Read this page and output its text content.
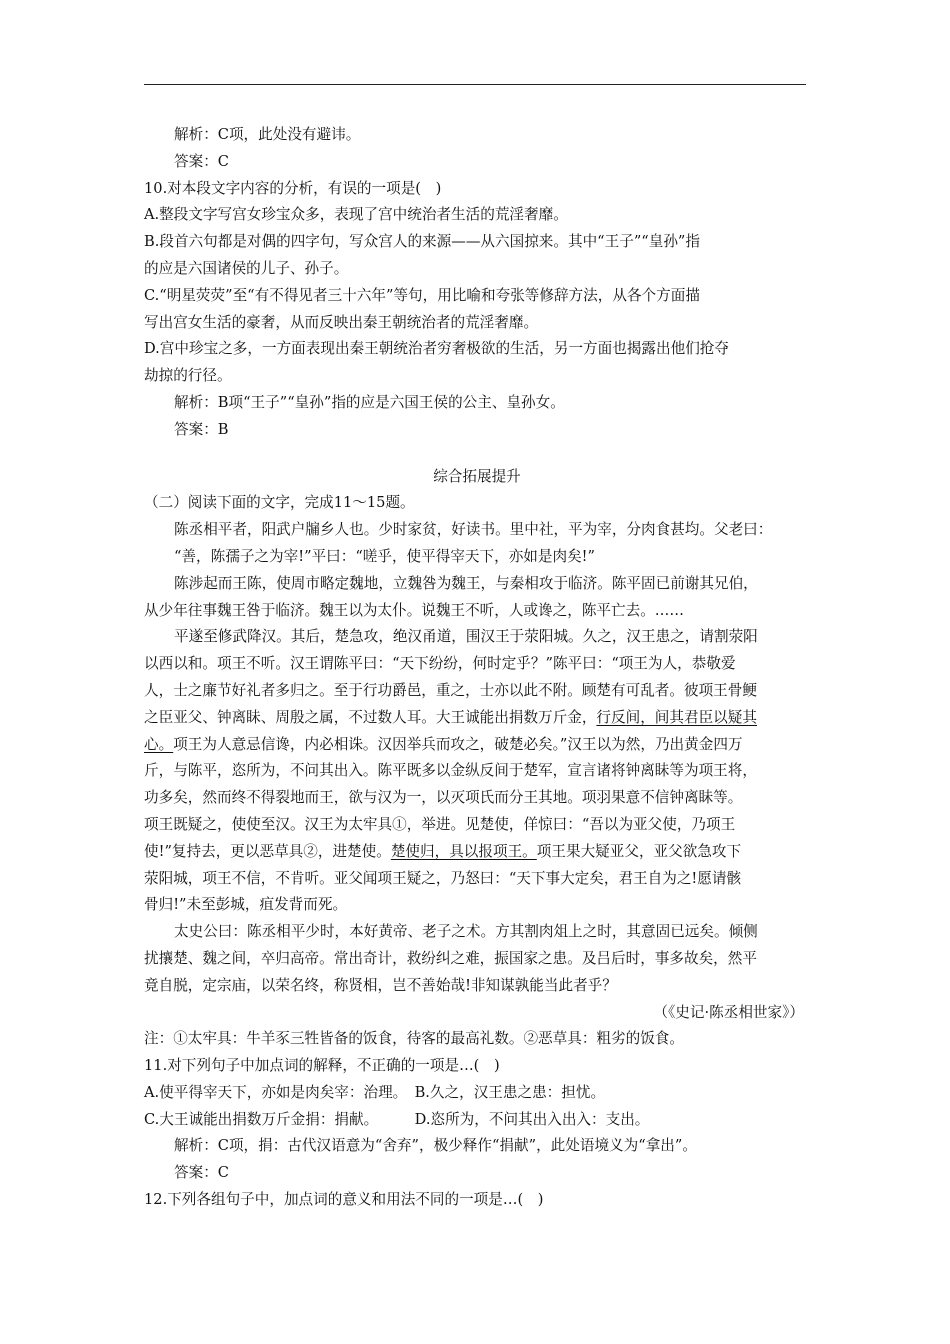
解析：C项，此处没有避讳。
答案：C
10.对本段文字内容的分析，有误的一项是(　)
A.整段文字写宫女珍宝众多，表现了宫中统治者生活的荒淫奢靡。
B.段首六句都是对偶的四字句，写众宫人的来源——从六国掠来。其中“王子”“皇孙”指
的应是六国诸侯的儿子、孙子。
C.“明星荧荧”至“有不得见者三十六年”等句，用比喻和夸张等修辞方法，从各个方面描
写出宫女生活的豪奢，从而反映出秦王朝统治者的荒淫奢靡。
D.宫中珍宝之多，一方面表现出秦王朝统治者穷奢极欲的生活，另一方面也揭露出他们抢夺
劫掠的行径。
解析：B项“王子”“皇孙”指的应是六国王侯的公主、皇孙女。
答案：B
综合拓展提升
（二）阅读下面的文字，完成11～15题。
陈丞相平者，阳武户牖乡人也。少时家贫，好读书。里中社，平为宰，分肉食甚均。父老曰：
“善，陈孺子之为宰!”平曰：“嗟乎，使平得宰天下，亦如是肉矣!”
陈涉起而王陈，使周市略定魏地，立魏咎为魏王，与秦相攻于临济。陈平固已前谢其兄伯，
从少年往事魏王咎于临济。魏王以为太仆。说魏王不听，人或谗之，陈平亡去。……
平遂至修武降汉。其后，楚急攻，绝汉甬道，围汉王于荥阳城。久之，汉王患之，请割荥阳
以西以和。项王不听。汉王谓陈平曰：“天下纷纷，何时定乎？”陈平曰：“项王为人，恭敬爱
人，士之廉节好礼者多归之。至于行功爵邑，重之，士亦以此不附。顾楚有可乱者。彼项王骨鲠
之臣亚父、钟离眛、周殷之属，不过数人耳。大王诚能出捐数万斤金，行反间，间其君臣以疑其
心。项王为人意忌信谗，内必相诛。汉因举兵而攻之，破楚必矣。”汉王以为然，乃出黄金四万
斤，与陈平，恣所为，不问其出入。陈平既多以金纵反间于楚军，宣言诸将钟离眛等为项王将，
功多矣，然而终不得裂地而王，欲与汉为一，以灭项氏而分王其地。项羽果意不信钟离眛等。
项王既疑之，使使至汉。汉王为太牢具①，举进。见楚使，佯惊曰：“吾以为亚父使，乃项王
使!”复持去，更以恶草具②，进楚使。楚使归，具以报项王。项王果大疑亚父，亚父欲急攻下
荥阳城，项王不信，不肯听。亚父闻项王疑之，乃怒曰：“天下事大定矣，君王自为之!愿请骸
骨归!”未至彭城，疽发背而死。
太史公曰：陈丞相平少时，本好黄帝、老子之术。方其割肉俎上之时，其意固已远矣。倾侧
扰攘楚、魏之间，卒归高帝。常出奇计，救纷纠之难，振国家之患。及吕后时，事多故矣，然平
竟自脱，定宗庙，以荣名终，称贤相，岂不善始哉!非知谋孰能当此者乎？
（《史记·陈丞相世家》）
注：①太牢具：牛羊豕三牲皆备的饭食，待客的最高礼数。②恶草具：粗劣的饭食。
11.对下列句子中加点词的解释，不正确的一项是…(　)
A.使平得宰天下，亦如是肉矣宰：治理。　B.久之，汉王患之患：担忧。
C.大王诚能出捐数万斤金捐：捐献。　　　D.恣所为，不问其出入出入：支出。
解析：C项，捐：古代汉语意为“舍弃”，极少释作“捐献”，此处语境义为“拿出”。
答案：C
12.下列各组句子中，加点词的意义和用法不同的一项是…(　)
